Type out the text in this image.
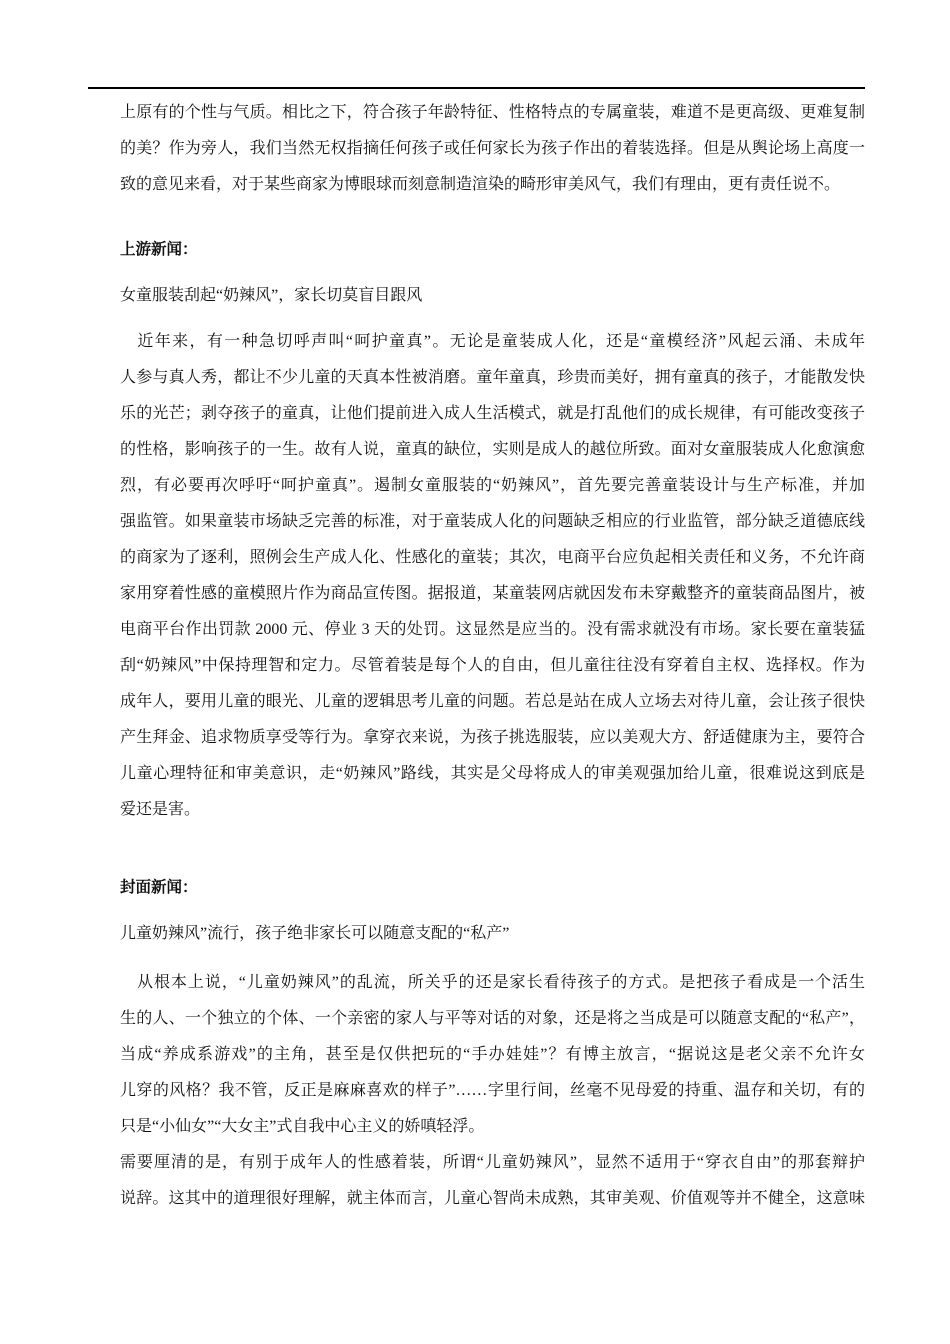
上原有的个性与气质。相比之下，符合孩子年龄特征、性格特点的专属童装，难道不是更高级、更难复制
的美？作为旁人，我们当然无权指摘任何孩子或任何家长为孩子作出的着装选择。但是从舆论场上高度一
致的意见来看，对于某些商家为博眼球而刻意制造渲染的畸形审美风气，我们有理由，更有责任说不。
上游新闻：
女童服装刮起“奶辣风”，家长切莫盲目跟风
　近年来，有一种急切呼声叫“呵护童真”。无论是童装成人化，还是“童模经济”风起云涌、未成年
人参与真人秀，都让不少儿童的天真本性被消磨。童年童真，珍贵而美好，拥有童真的孩子，才能散发快
乐的光芒；剥夺孩子的童真，让他们提前进入成人生活模式，就是打乱他们的成长规律，有可能改变孩子
的性格，影响孩子的一生。故有人说，童真的缺位，实则是成人的越位所致。面对女童服装成人化愈演愈
烈，有必要再次呼吁“呵护童真”。遏制女童服装的“奶辣风”，首先要完善童装设计与生产标准，并加
强监管。如果童装市场缺乏完善的标准，对于童装成人化的问题缺乏相应的行业监管，部分缺乏道德底线
的商家为了逐利，照例会生产成人化、性感化的童装；其次，电商平台应负起相关责任和义务，不允许商
家用穿着性感的童模照片作为商品宣传图。据报道，某童装网店就因发布未穿戴整齐的童装商品图片，被
电商平台作出罚款 2000 元、停业 3 天的处罚。这显然是应当的。没有需求就没有市场。家长要在童装猛
刮“奶辣风”中保持理智和定力。尽管着装是每个人的自由，但儿童往往没有穿着自主权、选择权。作为
成年人，要用儿童的眼光、儿童的逻辑思考儿童的问题。若总是站在成人立场去对待儿童，会让孩子很快
产生拜金、追求物质享受等行为。拿穿衣来说，为孩子挑选服装，应以美观大方、舒适健康为主，要符合
儿童心理特征和审美意识，走“奶辣风”路线，其实是父母将成人的审美观强加给儿童，很难说这到底是
爱还是害。
封面新闻：
儿童奶辣风”流行，孩子绝非家长可以随意支配的“私产”
　从根本上说，“儿童奶辣风”的乱流，所关乎的还是家长看待孩子的方式。是把孩子看成是一个活生
生的人、一个独立的个体、一个亲密的家人与平等对话的对象，还是将之当成是可以随意支配的“私产”，
当成“养成系游戏”的主角，甚至是仅供把玩的“手办娃娃”？有博主放言，“据说这是老父亲不允许女
儿穿的风格？我不管，反正是麻麻喜欢的样子”……字里行间，丝毫不见母爱的持重、温存和关切，有的
只是“小仙女”“大女主”式自我中心主义的娇嗔轻浮。
需要厘清的是，有别于成年人的性感着装，所谓“儿童奶辣风”，显然不适用于“穿衣自由”的那套辩护
说辞。这其中的道理很好理解，就主体而言，儿童心智尚未成熟，其审美观、价值观等并不健全，这意味
